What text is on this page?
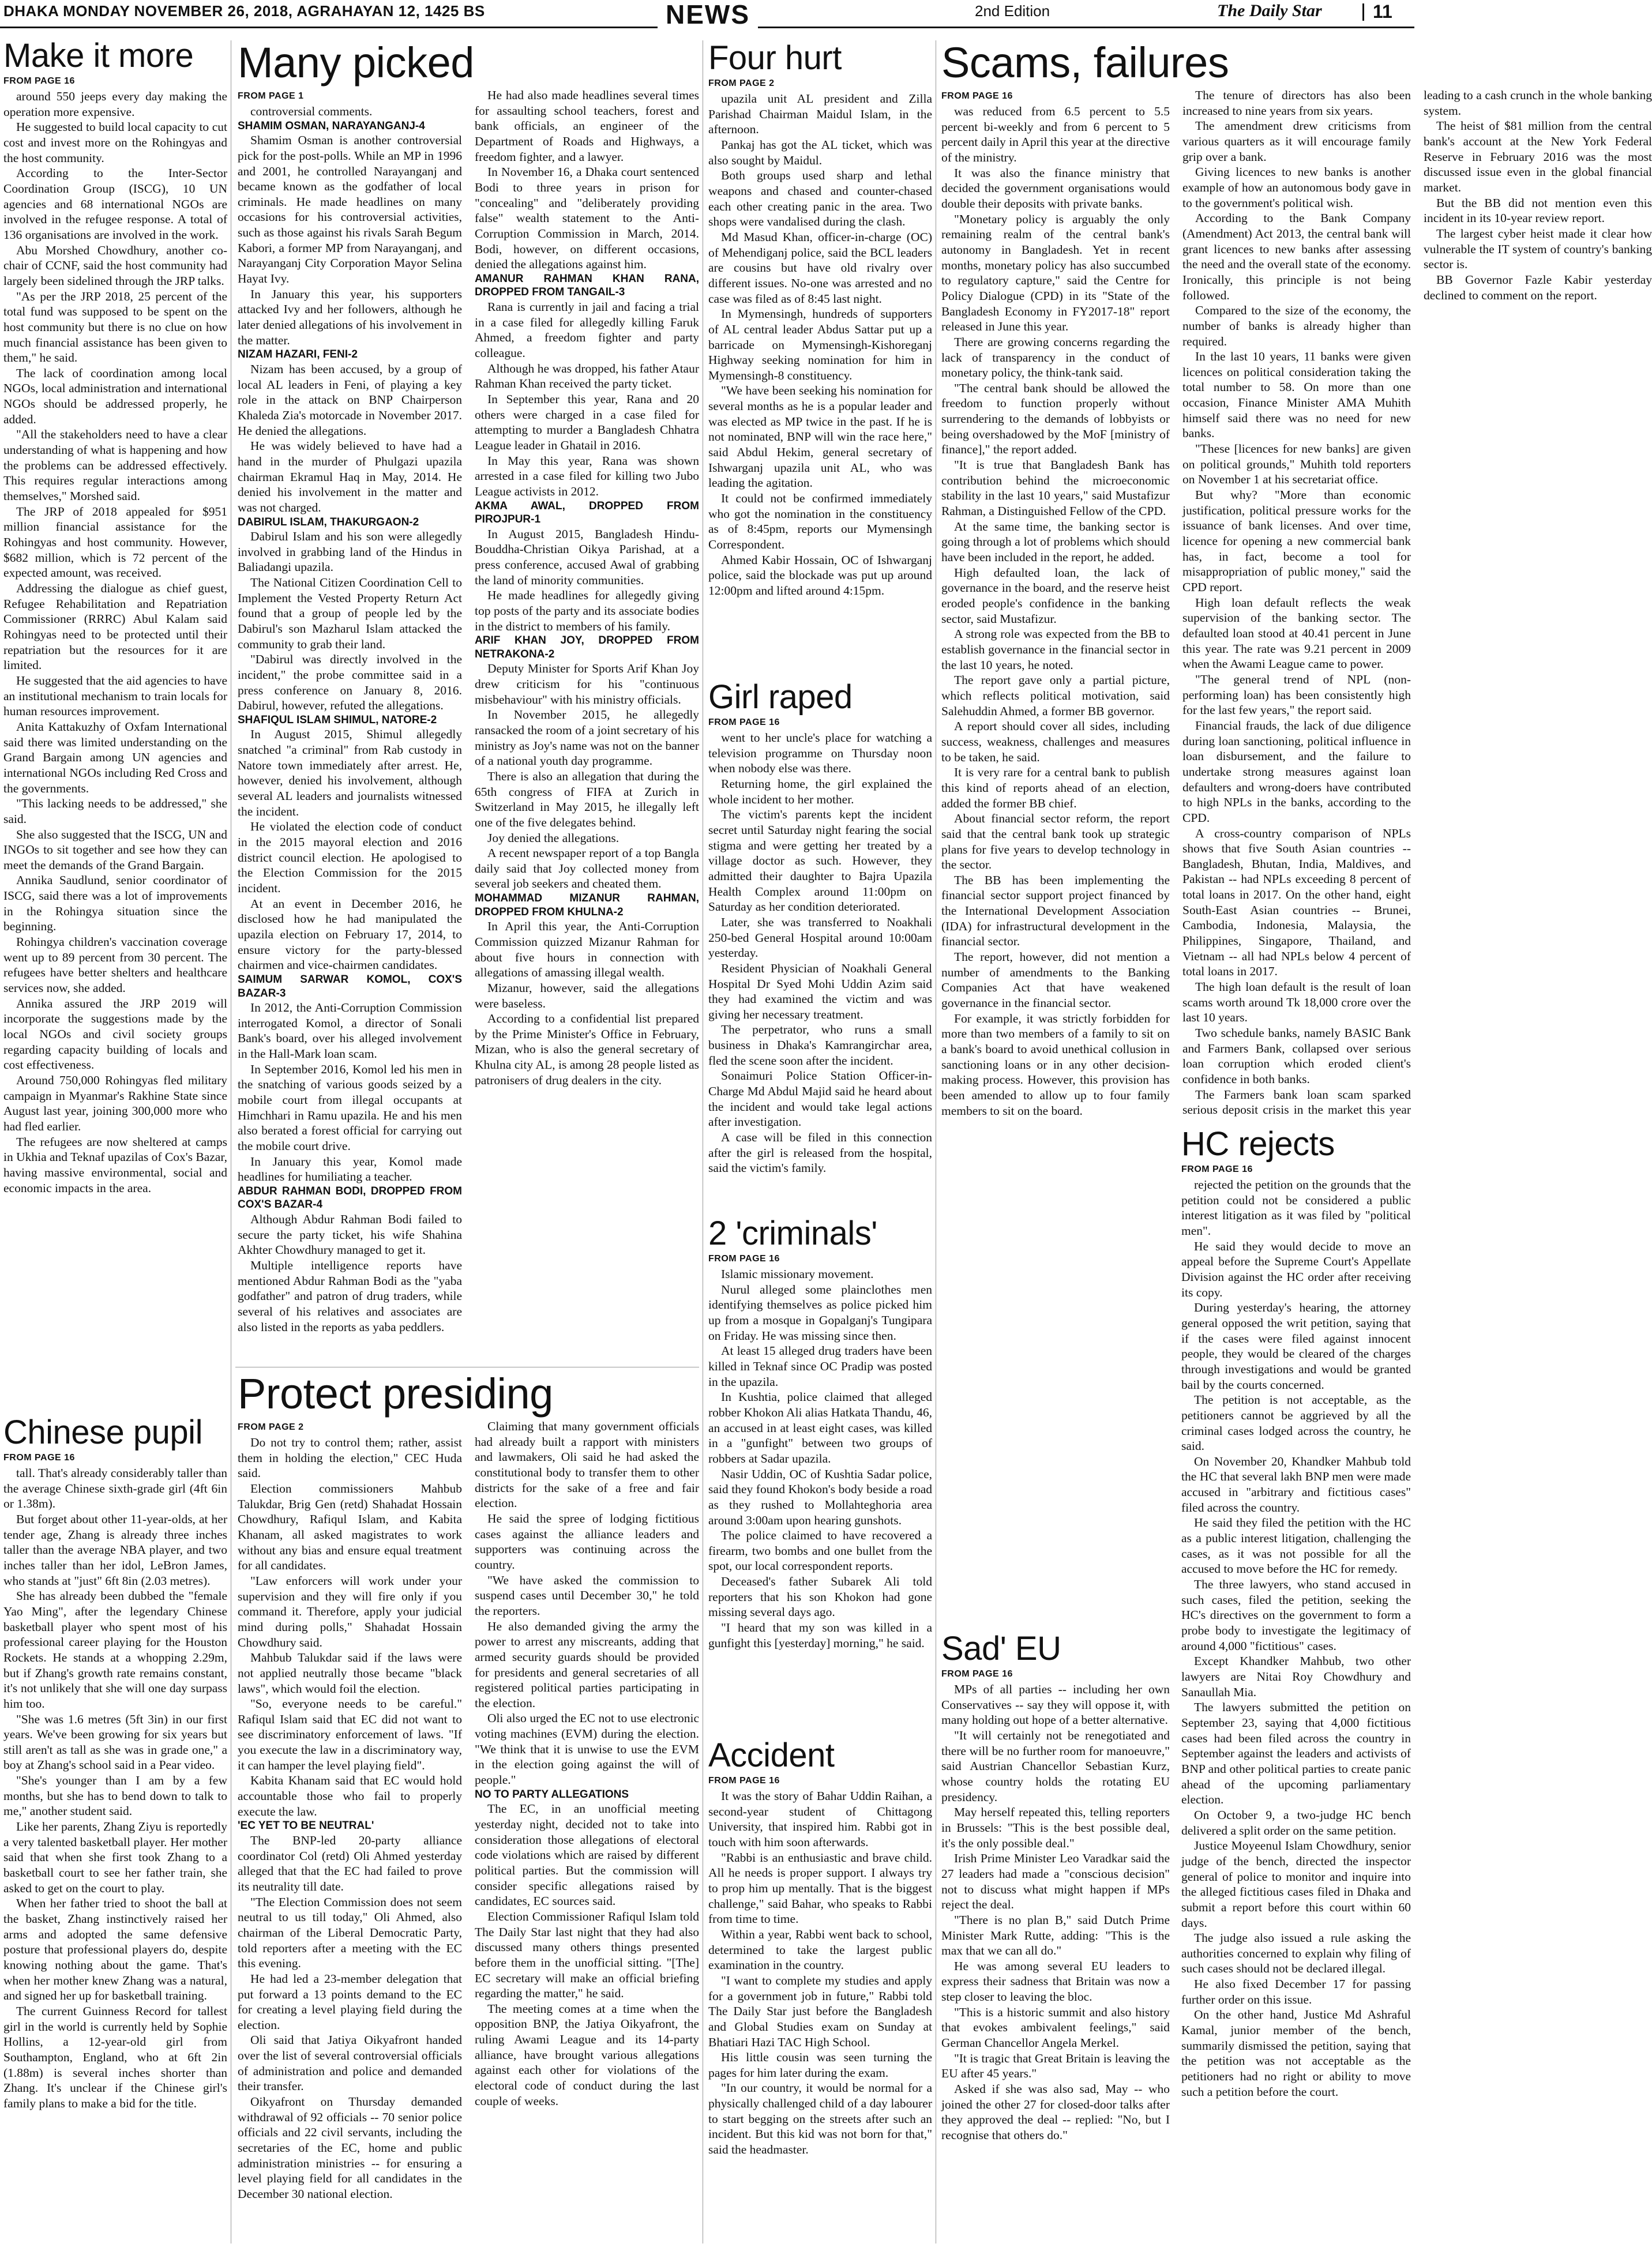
DHAKA MONDAY NOVEMBER 26, 2018, AGRAHAYAN 12, 1425 BS	NEWS	2nd Edition	The Daily Star	11
Make it more
FROM PAGE 16

around 550 jeeps every day making the operation more expensive.

He suggested to build local capacity to cut cost and invest more on the Rohingyas and the host community.

According to the Inter-Sector Coordination Group (ISCG), 10 UN agencies and 68 international NGOs are involved in the refugee response. A total of 136 organisations are involved in the work.

Abu Morshed Chowdhury, another co-chair of CCNF, said the host community had largely been sidelined through the JRP talks.

"As per the JRP 2018, 25 percent of the total fund was supposed to be spent on the host community but there is no clue on how much financial assistance has been given to them," he said.

The lack of coordination among local NGOs, local administration and international NGOs should be addressed properly, he added.

"All the stakeholders need to have a clear understanding of what is happening and how the problems can be addressed effectively. This requires regular interactions among themselves," Morshed said.

The JRP of 2018 appealed for $951 million financial assistance for the Rohingyas and host community. However, $682 million, which is 72 percent of the expected amount, was received.

Addressing the dialogue as chief guest, Refugee Rehabilitation and Repatriation Commissioner (RRRC) Abul Kalam said Rohingyas need to be protected until their repatriation but the resources for it are limited.

He suggested that the aid agencies to have an institutional mechanism to train locals for human resources improvement.

Anita Kattakuzhy of Oxfam International said there was limited understanding on the Grand Bargain among UN agencies and international NGOs including Red Cross and the governments.

"This lacking needs to be addressed," she said.

She also suggested that the ISCG, UN and INGOs to sit together and see how they can meet the demands of the Grand Bargain.

Annika Saudlund, senior coordinator of ISCG, said there was a lot of improvements in the Rohingya situation since the beginning.

Rohingya children's vaccination coverage went up to 89 percent from 30 percent. The refugees have better shelters and healthcare services now, she added.

Annika assured the JRP 2019 will incorporate the suggestions made by the local NGOs and civil society groups regarding capacity building of locals and cost effectiveness.

Around 750,000 Rohingyas fled military campaign in Myanmar's Rakhine State since August last year, joining 300,000 more who had fled earlier.

The refugees are now sheltered at camps in Ukhia and Teknaf upazilas of Cox's Bazar, having massive environmental, social and economic impacts in the area.

Chinese pupil
FROM PAGE 16

tall. That's already considerably taller than the average Chinese sixth-grade girl (4ft 6in or 1.38m).

But forget about other 11-year-olds, at her tender age, Zhang is already three inches taller than the average NBA player, and two inches taller than her idol, LeBron James, who stands at "just" 6ft 8in (2.03 metres).

She has already been dubbed the "female Yao Ming", after the legendary Chinese basketball player who spent most of his professional career playing for the Houston Rockets. He stands at a whopping 2.29m, but if Zhang's growth rate remains constant, it's not unlikely that she will one day surpass him too.

"She was 1.6 metres (5ft 3in) in our first years. We've been growing for six years but still aren't as tall as she was in grade one," a boy at Zhang's school said in a Pear video.

"She's younger than I am by a few months, but she has to bend down to talk to me," another student said.

Like her parents, Zhang Ziyu is reportedly a very talented basketball player. Her mother said that when she first took Zhang to a basketball court to see her father train, she asked to get on the court to play.

When her father tried to shoot the ball at the basket, Zhang instinctively raised her arms and adopted the same defensive posture that professional players do, despite knowing nothing about the game. That's when her mother knew Zhang was a natural, and signed her up for basketball training.

The current Guinness Record for tallest girl in the world is currently held by Sophie Hollins, a 12-year-old girl from Southampton, England, who at 6ft 2in (1.88m) is several inches shorter than Zhang. It's unclear if the Chinese girl's family plans to make a bid for the title.

Many picked
FROM PAGE 1

controversial comments.

SHAMIM OSMAN, NARAYANGANJ-4

Shamim Osman is another controversial pick for the post-polls. While an MP in 1996 and 2001, he controlled Narayanganj and became known as the godfather of local criminals. He made headlines on many occasions for his controversial activities, such as those against his rivals Sarah Begum Kabori, a former MP from Narayanganj, and Narayanganj City Corporation Mayor Selina Hayat Ivy.

In January this year, his supporters attacked Ivy and her followers, although he later denied allegations of his involvement in the matter.

NIZAM HAZARI, FENI-2

Nizam has been accused, by a group of local AL leaders in Feni, of playing a key role in the attack on BNP Chairperson Khaleda Zia's motorcade in November 2017. He denied the allegations.

He was widely believed to have had a hand in the murder of Phulgazi upazila chairman Ekramul Haq in May, 2014. He denied his involvement in the matter and was not charged.

DABIRUL ISLAM, THAKURGAON-2

Dabirul Islam and his son were allegedly involved in grabbing land of the Hindus in Baliadangi upazila.

The National Citizen Coordination Cell to Implement the Vested Property Return Act found that a group of people led by the Dabirul's son Mazharul Islam attacked the community to grab their land.

"Dabirul was directly involved in the incident," the probe committee said in a press conference on January 8, 2016. Dabirul, however, refuted the allegations.

SHAFIQUL ISLAM SHIMUL, NATORE-2

In August 2015, Shimul allegedly snatched "a criminal" from Rab custody in Natore town immediately after arrest. He, however, denied his involvement, although several AL leaders and journalists witnessed the incident.

He violated the election code of conduct in the 2015 mayoral election and 2016 district council election. He apologised to the Election Commission for the 2015 incident.

At an event in December 2016, he disclosed how he had manipulated the upazila election on February 17, 2014, to ensure victory for the party-blessed chairmen and vice-chairmen candidates.

SAIMUM SARWAR KOMOL, COX'S BAZAR-3

In 2012, the Anti-Corruption Commission interrogated Komol, a director of Sonali Bank's board, over his alleged involvement in the Hall-Mark loan scam.

In September 2016, Komol led his men in the snatching of various goods seized by a mobile court from illegal occupants at Himchhari in Ramu upazila. He and his men also berated a forest official for carrying out the mobile court drive.

In January this year, Komol made headlines for humiliating a teacher.

ABDUR RAHMAN BODI, DROPPED FROM COX'S BAZAR-4

Although Abdur Rahman Bodi failed to secure the party ticket, his wife Shahina Akhter Chowdhury managed to get it.

Multiple intelligence reports have mentioned Abdur Rahman Bodi as the "yaba godfather" and patron of drug traders, while several of his relatives and associates are also listed in the reports as yaba peddlers.

He had also made headlines several times for assaulting school teachers, forest and bank officials, an engineer of the Department of Roads and Highways, a freedom fighter, and a lawyer.

In November 16, a Dhaka court sentenced Bodi to three years in prison for "concealing" and "deliberately providing false" wealth statement to the Anti-Corruption Commission in March, 2014. Bodi, however, on different occasions, denied the allegations against him.

AMANUR RAHMAN KHAN RANA, DROPPED FROM TANGAIL-3

Rana is currently in jail and facing a trial in a case filed for allegedly killing Faruk Ahmed, a freedom fighter and party colleague.

Although he was dropped, his father Ataur Rahman Khan received the party ticket.

In September this year, Rana and 20 others were charged in a case filed for attempting to murder a Bangladesh Chhatra League leader in Ghatail in 2016.

In May this year, Rana was shown arrested in a case filed for killing two Jubo League activists in 2012.

AKMA AWAL, DROPPED FROM PIROJPUR-1

In August 2015, Bangladesh Hindu-Bouddha-Christian Oikya Parishad, at a press conference, accused Awal of grabbing the land of minority communities.

He made headlines for allegedly giving top posts of the party and its associate bodies in the district to members of his family.

ARIF KHAN JOY, DROPPED FROM NETRAKONA-2

Deputy Minister for Sports Arif Khan Joy drew criticism for his "continuous misbehaviour" with his ministry officials.

In November 2015, he allegedly ransacked the room of a joint secretary of his ministry as Joy's name was not on the banner of a national youth day programme.

There is also an allegation that during the 65th congress of FIFA at Zurich in Switzerland in May 2015, he illegally left one of the five delegates behind.

Joy denied the allegations.

A recent newspaper report of a top Bangla daily said that Joy collected money from several job seekers and cheated them.

MOHAMMAD MIZANUR RAHMAN, DROPPED FROM KHULNA-2

In April this year, the Anti-Corruption Commission quizzed Mizanur Rahman for about five hours in connection with allegations of amassing illegal wealth.

Mizanur, however, said the allegations were baseless.

According to a confidential list prepared by the Prime Minister's Office in February, Mizan, who is also the general secretary of Khulna city AL, is among 28 people listed as patronisers of drug dealers in the city.

Protect presiding
FROM PAGE 2

Do not try to control them; rather, assist them in holding the election," CEC Huda said.

Election commissioners Mahbub Talukdar, Brig Gen (retd) Shahadat Hossain Chowdhury, Rafiqul Islam, and Kabita Khanam, all asked magistrates to work without any bias and ensure equal treatment for all candidates.

"Law enforcers will work under your supervision and they will fire only if you command it. Therefore, apply your judicial mind during polls," Shahadat Hossain Chowdhury said.

Mahbub Talukdar said if the laws were not applied neutrally those became "black laws", which would foil the election.

"So, everyone needs to be careful." Rafiqul Islam said that EC did not want to see discriminatory enforcement of laws. "If you execute the law in a discriminatory way, it can hamper the level playing field".

Kabita Khanam said that EC would hold accountable those who fail to properly execute the law.

'EC YET TO BE NEUTRAL'

The BNP-led 20-party alliance coordinator Col (retd) Oli Ahmed yesterday alleged that that the EC had failed to prove its neutrality till date.

"The Election Commission does not seem neutral to us till today," Oli Ahmed, also chairman of the Liberal Democratic Party, told reporters after a meeting with the EC this evening.

He had led a 23-member delegation that put forward a 13 points demand to the EC for creating a level playing field during the election.

Oli said that Jatiya Oikyafront handed over the list of several controversial officials of administration and police and demanded their transfer.

Oikyafront on Thursday demanded withdrawal of 92 officials -- 70 senior police officials and 22 civil servants, including the secretaries of the EC, home and public administration ministries -- for ensuring a level playing field for all candidates in the December 30 national election.

Claiming that many government officials had already built a rapport with ministers and lawmakers, Oli said he had asked the constitutional body to transfer them to other districts for the sake of a free and fair election.

He said the spree of lodging fictitious cases against the alliance leaders and supporters was continuing across the country.

"We have asked the commission to suspend cases until December 30," he told the reporters.

He also demanded giving the army the power to arrest any miscreants, adding that armed security guards should be provided for presidents and general secretaries of all registered political parties participating in the election.

Oli also urged the EC not to use electronic voting machines (EVM) during the election. "We think that it is unwise to use the EVM in the election going against the will of people."

NO TO PARTY ALLEGATIONS

The EC, in an unofficial meeting yesterday night, decided not to take into consideration those allegations of electoral code violations which are raised by different political parties. But the commission will consider specific allegations raised by candidates, EC sources said.

Election Commissioner Rafiqul Islam told The Daily Star last night that they had also discussed many others things presented before them in the unofficial sitting. "[The] EC secretary will make an official briefing regarding the matter," he said.

The meeting comes at a time when the opposition BNP, the Jatiya Oikyafront, the ruling Awami League and its 14-party alliance, have brought various allegations against each other for violations of the electoral code of conduct during the last couple of weeks.

Four hurt
FROM PAGE 2

upazila unit AL president and Zilla Parishad Chairman Maidul Islam, in the afternoon.

Pankaj has got the AL ticket, which was also sought by Maidul.

Both groups used sharp and lethal weapons and chased and counter-chased each other creating panic in the area. Two shops were vandalised during the clash.

Md Masud Khan, officer-in-charge (OC) of Mehendiganj police, said the BCL leaders are cousins but have old rivalry over different issues. No-one was arrested and no case was filed as of 8:45 last night.

In Mymensingh, hundreds of supporters of AL central leader Abdus Sattar put up a barricade on Mymensingh-Kishoreganj Highway seeking nomination for him in Mymensingh-8 constituency.

"We have been seeking his nomination for several months as he is a popular leader and was elected as MP twice in the past. If he is not nominated, BNP will win the race here," said Abdul Hekim, general secretary of Ishwarganj upazila unit AL, who was leading the agitation.

It could not be confirmed immediately who got the nomination in the constituency as of 8:45pm, reports our Mymensingh Correspondent.

Ahmed Kabir Hossain, OC of Ishwarganj police, said the blockade was put up around 12:00pm and lifted around 4:15pm.

Girl raped
FROM PAGE 16

went to her uncle's place for watching a television programme on Thursday noon when nobody else was there.

Returning home, the girl explained the whole incident to her mother.

The victim's parents kept the incident secret until Saturday night fearing the social stigma and were getting her treated by a village doctor as such. However, they admitted their daughter to Bajra Upazila Health Complex around 11:00pm on Saturday as her condition deteriorated.

Later, she was transferred to Noakhali 250-bed General Hospital around 10:00am yesterday.

Resident Physician of Noakhali General Hospital Dr Syed Mohi Uddin Azim said they had examined the victim and was giving her necessary treatment.

The perpetrator, who runs a small business in Dhaka's Kamrangirchar area, fled the scene soon after the incident.

Sonaimuri Police Station Officer-in-Charge Md Abdul Majid said he heard about the incident and would take legal actions after investigation.

A case will be filed in this connection after the girl is released from the hospital, said the victim's family.

2 'criminals'
FROM PAGE 16

Islamic missionary movement.

Nurul alleged some plainclothes men identifying themselves as police picked him up from a mosque in Gopalganj's Tungipara on Friday. He was missing since then.

At least 15 alleged drug traders have been killed in Teknaf since OC Pradip was posted in the upazila.

In Kushtia, police claimed that alleged robber Khokon Ali alias Hatkata Thandu, 46, an accused in at least eight cases, was killed in a "gunfight" between two groups of robbers at Sadar upazila.

Nasir Uddin, OC of Kushtia Sadar police, said they found Khokon's body beside a road as they rushed to Mollahteghoria area around 3:00am upon hearing gunshots.

The police claimed to have recovered a firearm, two bombs and one bullet from the spot, our local correspondent reports.

Deceased's father Subarek Ali told reporters that his son Khokon had gone missing several days ago.

"I heard that my son was killed in a gunfight this [yesterday] morning," he said.

Accident
FROM PAGE 16

It was the story of Bahar Uddin Raihan, a second-year student of Chittagong University, that inspired him. Rabbi got in touch with him soon afterwards.

"Rabbi is an enthusiastic and brave child. All he needs is proper support. I always try to prop him up mentally. That is the biggest challenge," said Bahar, who speaks to Rabbi from time to time.

Within a year, Rabbi went back to school, determined to take the largest public examination in the country.

"I want to complete my studies and apply for a government job in future," Rabbi told The Daily Star just before the Bangladesh and Global Studies exam on Sunday at Bhatiari Hazi TAC High School.

His little cousin was seen turning the pages for him later during the exam.

"In our country, it would be normal for a physically challenged child of a day labourer to start begging on the streets after such an incident. But this kid was not born for that," said the headmaster.

Scams, failures
FROM PAGE 16

was reduced from 6.5 percent to 5.5 percent bi-weekly and from 6 percent to 5 percent daily in April this year at the directive of the ministry.

It was also the finance ministry that decided the government organisations would double their deposits with private banks.

"Monetary policy is arguably the only remaining realm of the central bank's autonomy in Bangladesh. Yet in recent months, monetary policy has also succumbed to regulatory capture," said the Centre for Policy Dialogue (CPD) in its "State of the Bangladesh Economy in FY2017-18" report released in June this year.

There are growing concerns regarding the lack of transparency in the conduct of monetary policy, the think-tank said.

"The central bank should be allowed the freedom to function properly without surrendering to the demands of lobbyists or being overshadowed by the MoF [ministry of finance]," the report added.

"It is true that Bangladesh Bank has contribution behind the microeconomic stability in the last 10 years," said Mustafizur Rahman, a Distinguished Fellow of the CPD.

At the same time, the banking sector is going through a lot of problems which should have been included in the report, he added.

High defaulted loan, the lack of governance in the board, and the reserve heist eroded people's confidence in the banking sector, said Mustafizur.

A strong role was expected from the BB to establish governance in the financial sector in the last 10 years, he noted.

The report gave only a partial picture, which reflects political motivation, said Salehuddin Ahmed, a former BB governor.

A report should cover all sides, including success, weakness, challenges and measures to be taken, he said.

It is very rare for a central bank to publish this kind of reports ahead of an election, added the former BB chief.

About financial sector reform, the report said that the central bank took up strategic plans for five years to develop technology in the sector.

The BB has been implementing the financial sector support project financed by the International Development Association (IDA) for infrastructural development in the financial sector.

The report, however, did not mention a number of amendments to the Banking Companies Act that have weakened governance in the financial sector.

For example, it was strictly forbidden for more than two members of a family to sit on a bank's board to avoid unethical collusion in sanctioning loans or in any other decision-making process. However, this provision has been amended to allow up to four family members to sit on the board.

The tenure of directors has also been increased to nine years from six years.

The amendment drew criticisms from various quarters as it will encourage family grip over a bank.

Giving licences to new banks is another example of how an autonomous body gave in to the government's political wish.

According to the Bank Company (Amendment) Act 2013, the central bank will grant licences to new banks after assessing the need and the overall state of the economy. Ironically, this principle is not being followed.

Compared to the size of the economy, the number of banks is already higher than required.

In the last 10 years, 11 banks were given licences on political consideration taking the total number to 58. On more than one occasion, Finance Minister AMA Muhith himself said there was no need for new banks.

"These [licences for new banks] are given on political grounds," Muhith told reporters on November 1 at his secretariat office.

But why? "More than economic justification, political pressure works for the issuance of bank licenses. And over time, licence for opening a new commercial bank has, in fact, become a tool for misappropriation of public money," said the CPD report.

High loan default reflects the weak supervision of the banking sector. The defaulted loan stood at 40.41 percent in June this year. The rate was 9.21 percent in 2009 when the Awami League came to power.

"The general trend of NPL (non-performing loan) has been consistently high for the last few years," the report said.

Financial frauds, the lack of due diligence during loan sanctioning, political influence in loan disbursement, and the failure to undertake strong measures against loan defaulters and wrong-doers have contributed to high NPLs in the banks, according to the CPD.

A cross-country comparison of NPLs shows that five South Asian countries -- Bangladesh, Bhutan, India, Maldives, and Pakistan -- had NPLs exceeding 8 percent of total loans in 2017. On the other hand, eight South-East Asian countries -- Brunei, Cambodia, Indonesia, Malaysia, the Philippines, Singapore, Thailand, and Vietnam -- all had NPLs below 4 percent of total loans in 2017.

The high loan default is the result of loan scams worth around Tk 18,000 crore over the last 10 years.

Two schedule banks, namely BASIC Bank and Farmers Bank, collapsed over serious loan corruption which eroded client's confidence in both banks.

The Farmers bank loan scam sparked serious deposit crisis in the market this year leading to a cash crunch in the whole banking system.

The heist of $81 million from the central bank's account at the New York Federal Reserve in February 2016 was the most discussed issue even in the global financial market.

But the BB did not mention even this incident in its 10-year review report.

The largest cyber heist made it clear how vulnerable the IT system of country's banking sector is.

BB Governor Fazle Kabir yesterday declined to comment on the report.

Sad' EU
FROM PAGE 16

MPs of all parties -- including her own Conservatives -- say they will oppose it, with many holding out hope of a better alternative.

"It will certainly not be renegotiated and there will be no further room for manoeuvre," said Austrian Chancellor Sebastian Kurz, whose country holds the rotating EU presidency.

May herself repeated this, telling reporters in Brussels: "This is the best possible deal, it's the only possible deal."

Irish Prime Minister Leo Varadkar said the 27 leaders had made a "conscious decision" not to discuss what might happen if MPs reject the deal.

"There is no plan B," said Dutch Prime Minister Mark Rutte, adding: "This is the max that we can all do."

He was among several EU leaders to express their sadness that Britain was now a step closer to leaving the bloc.

"This is a historic summit and also history that evokes ambivalent feelings," said German Chancellor Angela Merkel.

"It is tragic that Great Britain is leaving the EU after 45 years."

Asked if she was also sad, May -- who joined the other 27 for closed-door talks after they approved the deal -- replied: "No, but I recognise that others do."

HC rejects
FROM PAGE 16

rejected the petition on the grounds that the petition could not be considered a public interest litigation as it was filed by "political men".

He said they would decide to move an appeal before the Supreme Court's Appellate Division against the HC order after receiving its copy.

During yesterday's hearing, the attorney general opposed the writ petition, saying that if the cases were filed against innocent people, they would be cleared of the charges through investigations and would be granted bail by the courts concerned.

The petition is not acceptable, as the petitioners cannot be aggrieved by all the criminal cases lodged across the country, he said.

On November 20, Khandker Mahbub told the HC that several lakh BNP men were made accused in "arbitrary and fictitious cases" filed across the country.

He said they filed the petition with the HC as a public interest litigation, challenging the cases, as it was not possible for all the accused to move before the HC for remedy.

The three lawyers, who stand accused in such cases, filed the petition, seeking the HC's directives on the government to form a probe body to investigate the legitimacy of around 4,000 "fictitious" cases.

Except Khandker Mahbub, two other lawyers are Nitai Roy Chowdhury and Sanaullah Mia.

The lawyers submitted the petition on September 23, saying that 4,000 fictitious cases had been filed across the country in September against the leaders and activists of BNP and other political parties to create panic ahead of the upcoming parliamentary election.

On October 9, a two-judge HC bench delivered a split order on the same petition.

Justice Moyeenul Islam Chowdhury, senior judge of the bench, directed the inspector general of police to monitor and inquire into the alleged fictitious cases filed in Dhaka and submit a report before this court within 60 days.

The judge also issued a rule asking the authorities concerned to explain why filing of such cases should not be declared illegal.

He also fixed December 17 for passing further order on this issue.

On the other hand, Justice Md Ashraful Kamal, junior member of the bench, summarily dismissed the petition, saying that the petition was not acceptable as the petitioners had no right or ability to move such a petition before the court.
